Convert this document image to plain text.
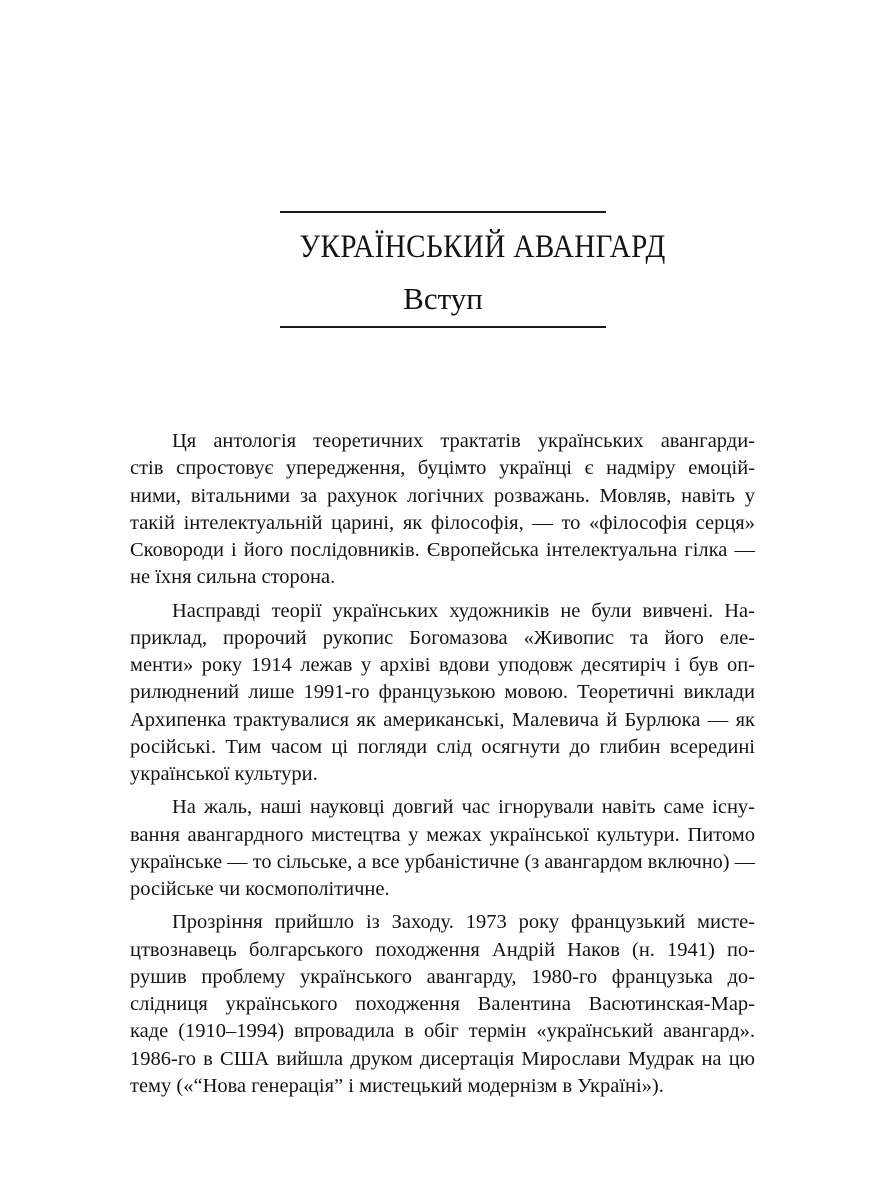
УКРАЇНСЬКИЙ АВАНГАРД
Вступ
Ця антологія теоретичних трактатів українських авангарди-
стів спростовує упередження, буцімто українці є надміру емоцій-
ними, вітальними за рахунок логічних розважань. Мовляв, навіть у
такій інтелектуальній царині, як філософія, — то «філософія серця»
Сковороди і його послідовників. Європейська інтелектуальна гілка —
не їхня сильна сторона.
Насправді теорії українських художників не були вивчені. На-
приклад, пророчий рукопис Богомазова «Живопис та його еле-
менти» року 1914 лежав у архіві вдови уподовж десятиріч і був оп-
рилюднений лише 1991-го французькою мовою. Теоретичні виклади
Архипенка трактувалися як американські, Малевича й Бурлюка — як
російські. Тим часом ці погляди слід осягнути до глибин всередині
української культури.
На жаль, наші науковці довгий час ігнорували навіть саме існу-
вання авангардного мистецтва у межах української культури. Питомо
українське — то сільське, а все урбаністичне (з авангардом включно) —
російське чи космополітичне.
Прозріння прийшло із Заходу. 1973 року французький мисте-
цтвознавець болгарського походження Андрій Наков (н. 1941) по-
рушив проблему українського авангарду, 1980-го французька до-
слідниця українського походження Валентина Васютинская-Мар-
каде (1910–1994) впровадила в обіг термін «український авангард».
1986-го в США вийшла друком дисертація Мирослави Мудрак на цю
тему («“Нова генерація” і мистецький модернізм в Україні»).
